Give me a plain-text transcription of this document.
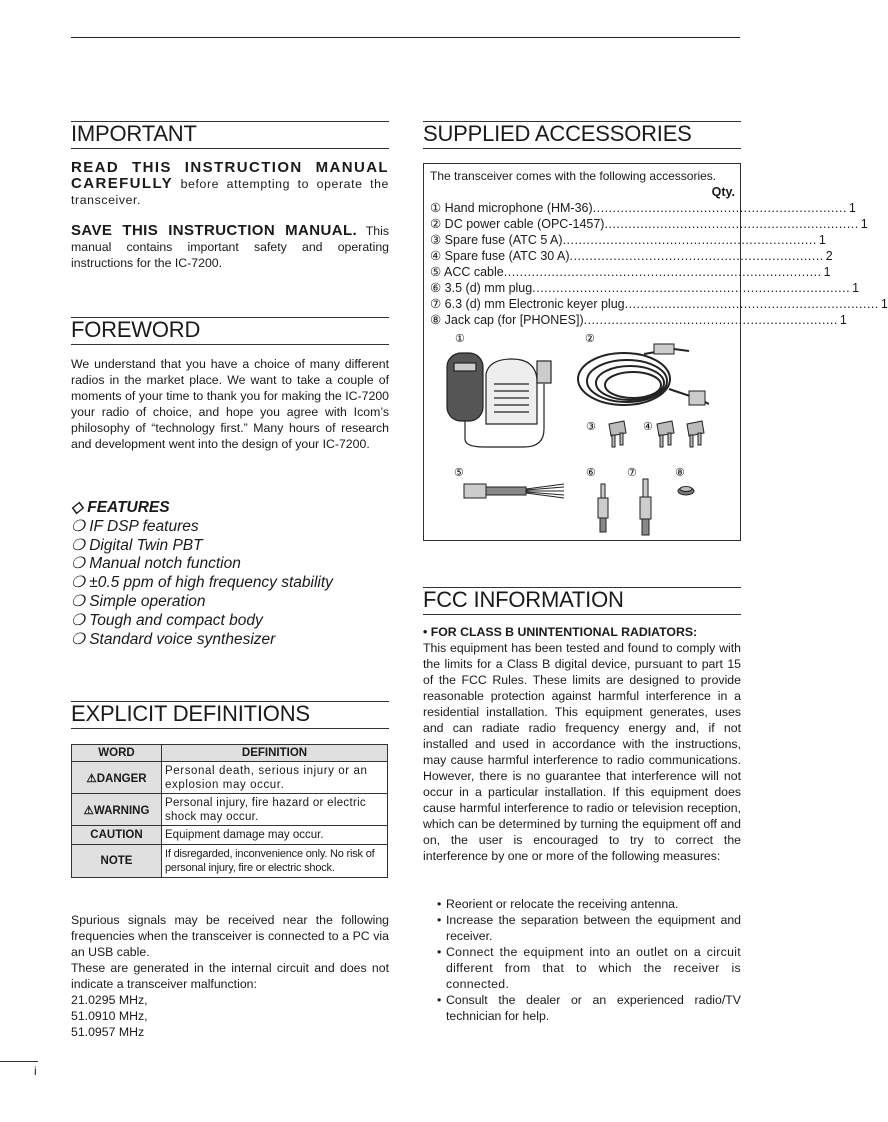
IMPORTANT
READ THIS INSTRUCTION MANUAL CAREFULLY before attempting to operate the transceiver.
SAVE THIS INSTRUCTION MANUAL. This manual contains important safety and operating instructions for the IC-7200.
FOREWORD
We understand that you have a choice of many different radios in the market place. We want to take a couple of moments of your time to thank you for making the IC-7200 your radio of choice, and hope you agree with Icom’s philosophy of “technology first.” Many hours of research and development went into the design of your IC-7200.
◇ FEATURES
❍ IF DSP features
❍ Digital Twin PBT
❍ Manual notch function
❍ ±0.5 ppm of high frequency stability
❍ Simple operation
❍ Tough and compact body
❍ Standard voice synthesizer
EXPLICIT DEFINITIONS
WORD	DEFINITION
⚠DANGER	Personal death, serious injury or an explosion may occur.
⚠WARNING	Personal injury, fire hazard or electric shock may occur.
CAUTION	Equipment damage may occur.
NOTE	If disregarded, inconvenience only. No risk of personal injury, fire or electric shock.
Spurious signals may be received near the following frequencies when the transceiver is connected to a PC via an USB cable.
These are generated in the internal circuit and does not indicate a transceiver malfunction:
21.0295 MHz,
51.0910 MHz,
51.0957 MHz
SUPPLIED ACCESSORIES
The transceiver comes with the following accessories.
Qty.
① Hand microphone (HM-36) ................................................................ 1
② DC power cable (OPC-1457) ................................................................ 1
③ Spare fuse (ATC 5 A) ................................................................ 1
④ Spare fuse (ATC 30 A) ................................................................ 2
⑤ ACC cable ................................................................................ 1
⑥ 3.5 (d) mm plug ................................................................................ 1
⑦ 6.3 (d) mm Electronic keyer plug ................................................................ 1
⑧ Jack cap (for [PHONES]) ................................................................ 1
①	②
③	④
⑤	⑥	⑦	⑧
FCC INFORMATION
• FOR CLASS B UNINTENTIONAL RADIATORS:
This equipment has been tested and found to comply with the limits for a Class B digital device, pursuant to part 15 of the FCC Rules. These limits are designed to provide reasonable protection against harmful interference in a residential installation. This equipment generates, uses and can radiate radio frequency energy and, if not installed and used in accordance with the instructions, may cause harmful interference to radio communications. However, there is no guarantee that interference will not occur in a particular installation. If this equipment does cause harmful interference to radio or television reception, which can be determined by turning the equipment off and on, the user is encouraged to try to correct the interference by one or more of the following measures:
• Reorient or relocate the receiving antenna.
• Increase the separation between the equipment and receiver.
• Connect the equipment into an outlet on a circuit different from that to which the receiver is connected.
• Consult the dealer or an experienced radio/TV technician for help.
i
